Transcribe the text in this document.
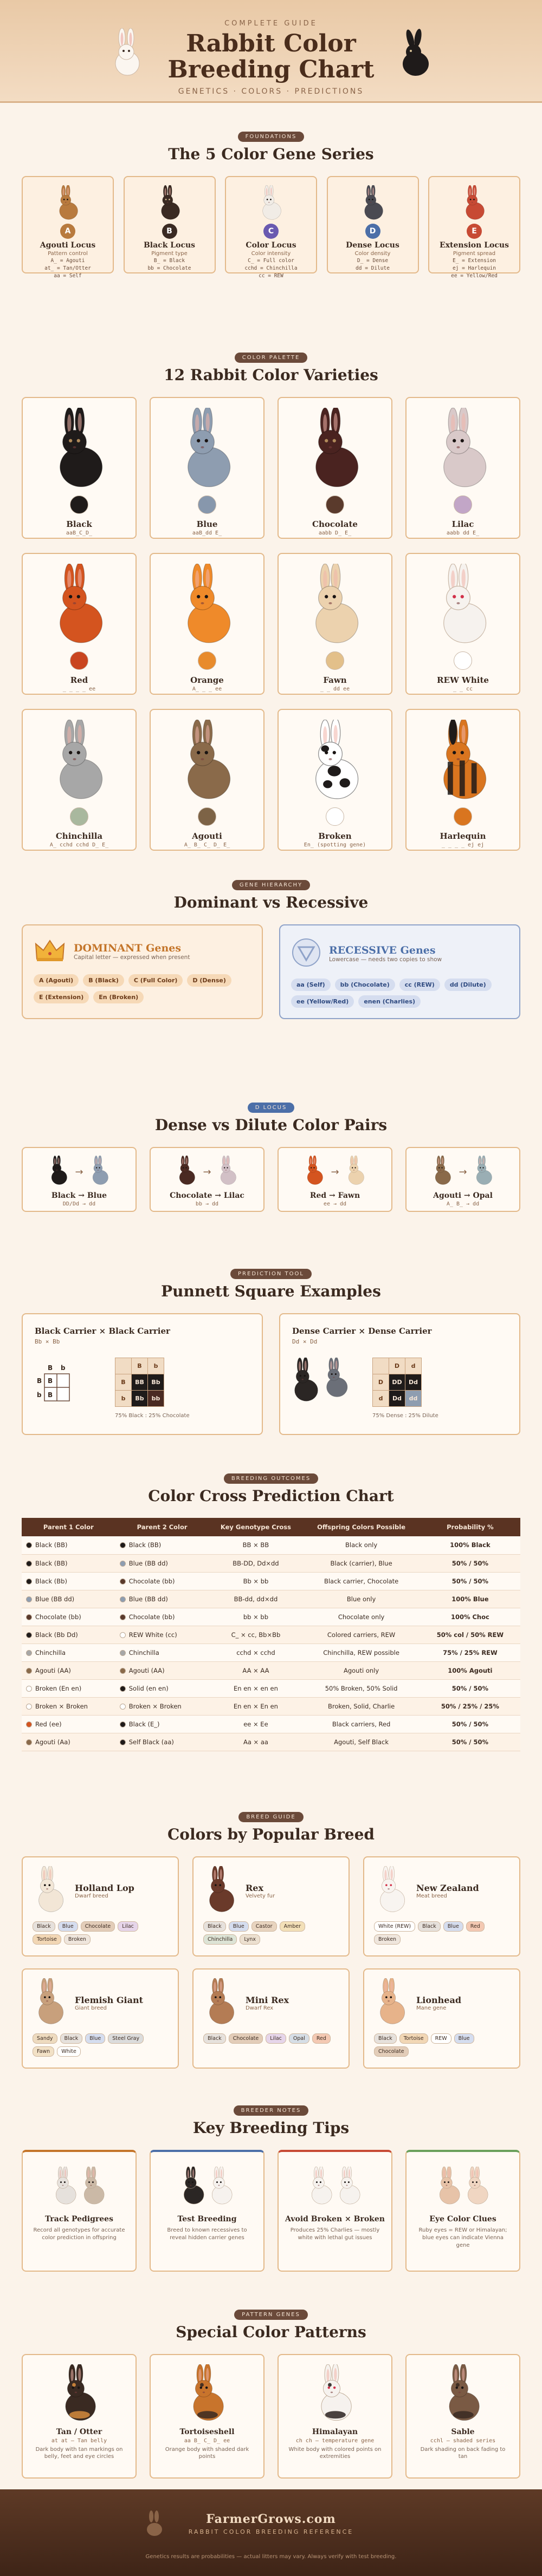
COMPLETE GUIDE
Rabbit Color
Breeding Chart
GENETICS · COLORS · PREDICTIONS
FOUNDATIONS
The 5 Color Gene Series
A
Agouti Locus
Pattern control
A_ = Agouti
at_ = Tan/Otter
aa = Self
B
Black Locus
Pigment type
B_ = Black
bb = Chocolate
C
Color Locus
Color intensity
C_ = Full color
cchd = Chinchilla
cc = REW
D
Dense Locus
Color density
D_ = Dense
dd = Dilute
E
Extension Locus
Pigment spread
E_ = Extension
ej = Harlequin
ee = Yellow/Red
COLOR PALETTE
12 Rabbit Color Varieties
Black
aaB_C_D_
Blue
aaB_dd E_
Chocolate
aabb D_ E_
Lilac
aabb dd E_
Red
_ _ _ _ ee
Orange
A_ _ _ ee
Fawn
_ _ dd ee
REW White
_ _ cc
Chinchilla
A_ cchd cchd D_ E_
Agouti
A_ B_ C_ D_ E_
Broken
En_ (spotting gene)
Harlequin
_ _ _ _ ej ej
GENE HIERARCHY
Dominant vs Recessive
DOMINANT Genes
Capital letter — expressed when present
A (Agouti)	B (Black)	C (Full Color)	D (Dense)
E (Extension)	En (Broken)
RECESSIVE Genes
Lowercase — needs two copies to show
aa (Self)	bb (Chocolate)	cc (REW)	dd (Dilute)
ee (Yellow/Red)	enen (Charlies)
D LOCUS
Dense vs Dilute Color Pairs
→
Black → Blue
DD/Dd → dd
→
Chocolate → Lilac
bb → dd
→
Red → Fawn
ee → dd
→
Agouti → Opal
A_ B_ → dd
PREDICTION TOOL
Punnett Square Examples
Black Carrier × Black Carrier
Bb × Bb
B b
B
b
B
B
	B	b
B	BB	Bb
b	Bb	bb
75% Black : 25% Chocolate
Dense Carrier × Dense Carrier
Dd × Dd
	D	d
D	DD	Dd
d	Dd	dd
75% Dense : 25% Dilute
BREEDING OUTCOMES
Color Cross Prediction Chart
Parent 1 Color	Parent 2 Color	Key Genotype Cross	Offspring Colors Possible	Probability %
Black (BB)	Black (BB)	BB × BB	Black only	100% Black
Black (BB)	Blue (BB dd)	BB-DD, Dd×dd	Black (carrier), Blue	50% / 50%
Black (Bb)	Chocolate (bb)	Bb × bb	Black carrier, Chocolate	50% / 50%
Blue (BB dd)	Blue (BB dd)	BB-dd, dd×dd	Blue only	100% Blue
Chocolate (bb)	Chocolate (bb)	bb × bb	Chocolate only	100% Choc
Black (Bb Dd)	REW White (cc)	C_ × cc, Bb×Bb	Colored carriers, REW	50% col / 50% REW
Chinchilla	Chinchilla	cchd × cchd	Chinchilla, REW possible	75% / 25% REW
Agouti (AA)	Agouti (AA)	AA × AA	Agouti only	100% Agouti
Broken (En en)	Solid (en en)	En en × en en	50% Broken, 50% Solid	50% / 50%
Broken × Broken	Broken × Broken	En en × En en	Broken, Solid, Charlie	50% / 25% / 25%
Red (ee)	Black (E_)	ee × Ee	Black carriers, Red	50% / 50%
Agouti (Aa)	Self Black (aa)	Aa × aa	Agouti, Self Black	50% / 50%
BREED GUIDE
Colors by Popular Breed
Holland Lop
Dwarf breed
Black	Blue	Chocolate	Lilac
Tortoise	Broken
Rex
Velvety fur
Black	Blue	Castor	Amber
Chinchilla	Lynx
New Zealand
Meat breed
White (REW)	Black	Blue	Red
Broken
Flemish Giant
Giant breed
Sandy	Black	Blue	Steel Gray
Fawn	White
Mini Rex
Dwarf Rex
Black	Chocolate	Lilac	Opal	Red
Lionhead
Mane gene
Black	Tortoise	REW	Blue
Chocolate
BREEDER NOTES
Key Breeding Tips
Track Pedigrees
Record all genotypes for accurate color prediction in offspring
Test Breeding
Breed to known recessives to reveal hidden carrier genes
Avoid Broken × Broken
Produces 25% Charlies — mostly white with lethal gut issues
Eye Color Clues
Ruby eyes = REW or Himalayan; blue eyes can indicate Vienna gene
PATTERN GENES
Special Color Patterns
Tan / Otter
at at — Tan belly
Dark body with tan markings on belly, feet and eye circles
Tortoiseshell
aa B_ C_ D_ ee
Orange body with shaded dark points
Himalayan
ch ch — temperature gene
White body with colored points on extremities
Sable
cchl — shaded series
Dark shading on back fading to tan
FarmerGrows.com
RABBIT COLOR BREEDING REFERENCE
Genetics results are probabilities — actual litters may vary. Always verify with test breeding.
